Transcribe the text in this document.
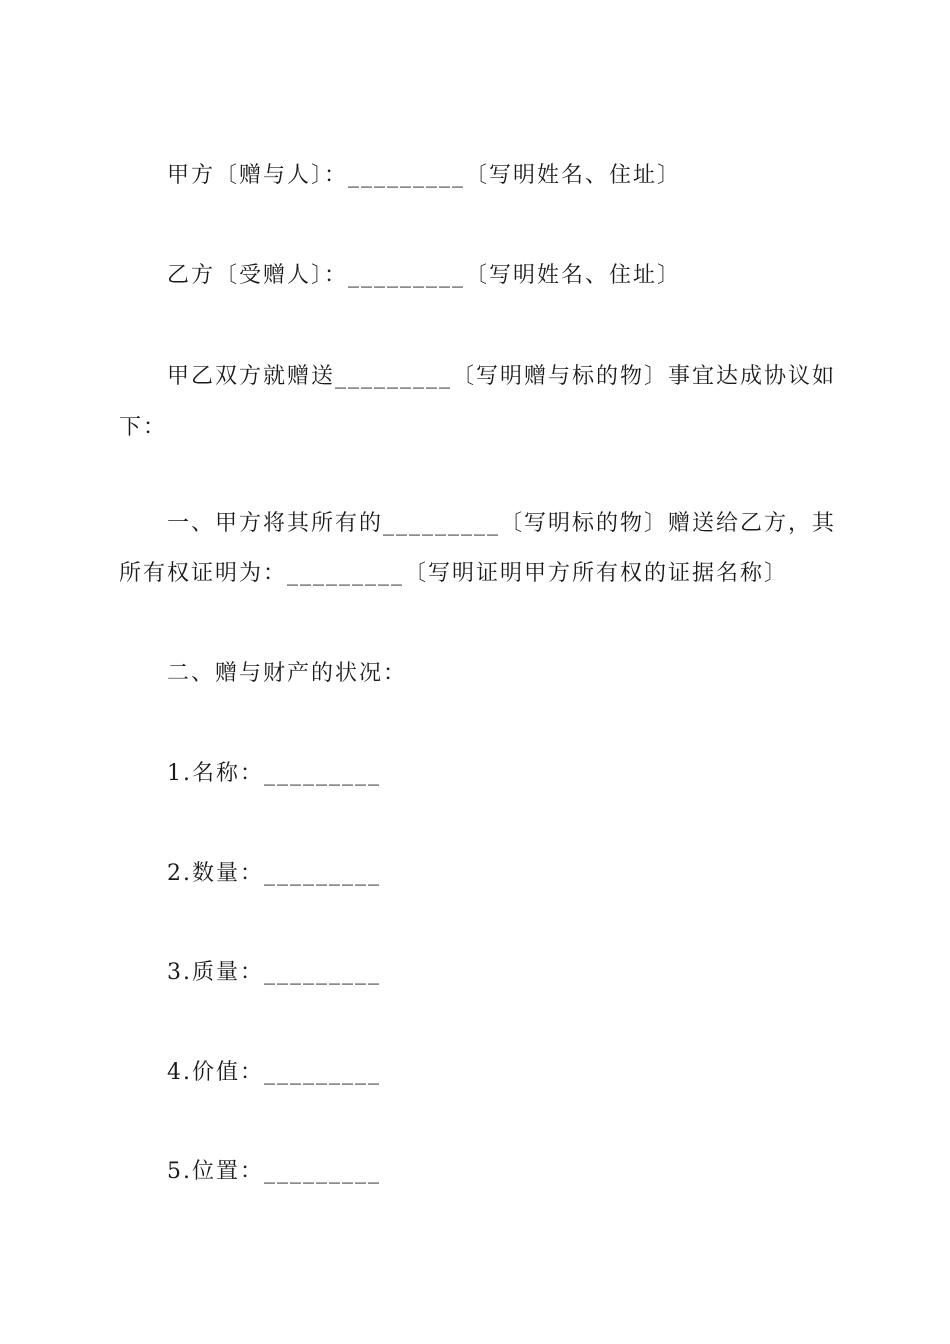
甲方〔赠与人〕：_________〔写明姓名、住址〕

乙方〔受赠人〕：_________〔写明姓名、住址〕

甲乙双方就赠送_________〔写明赠与标的物〕事宜达成协议如

下：

一、甲方将其所有的_________〔写明标的物〕赠送给乙方，其

所有权证明为：_________〔写明证明甲方所有权的证据名称〕

二、赠与财产的状况：

1.名称：_________

2.数量：_________

3.质量：_________

4.价值：_________

5.位置：_________
